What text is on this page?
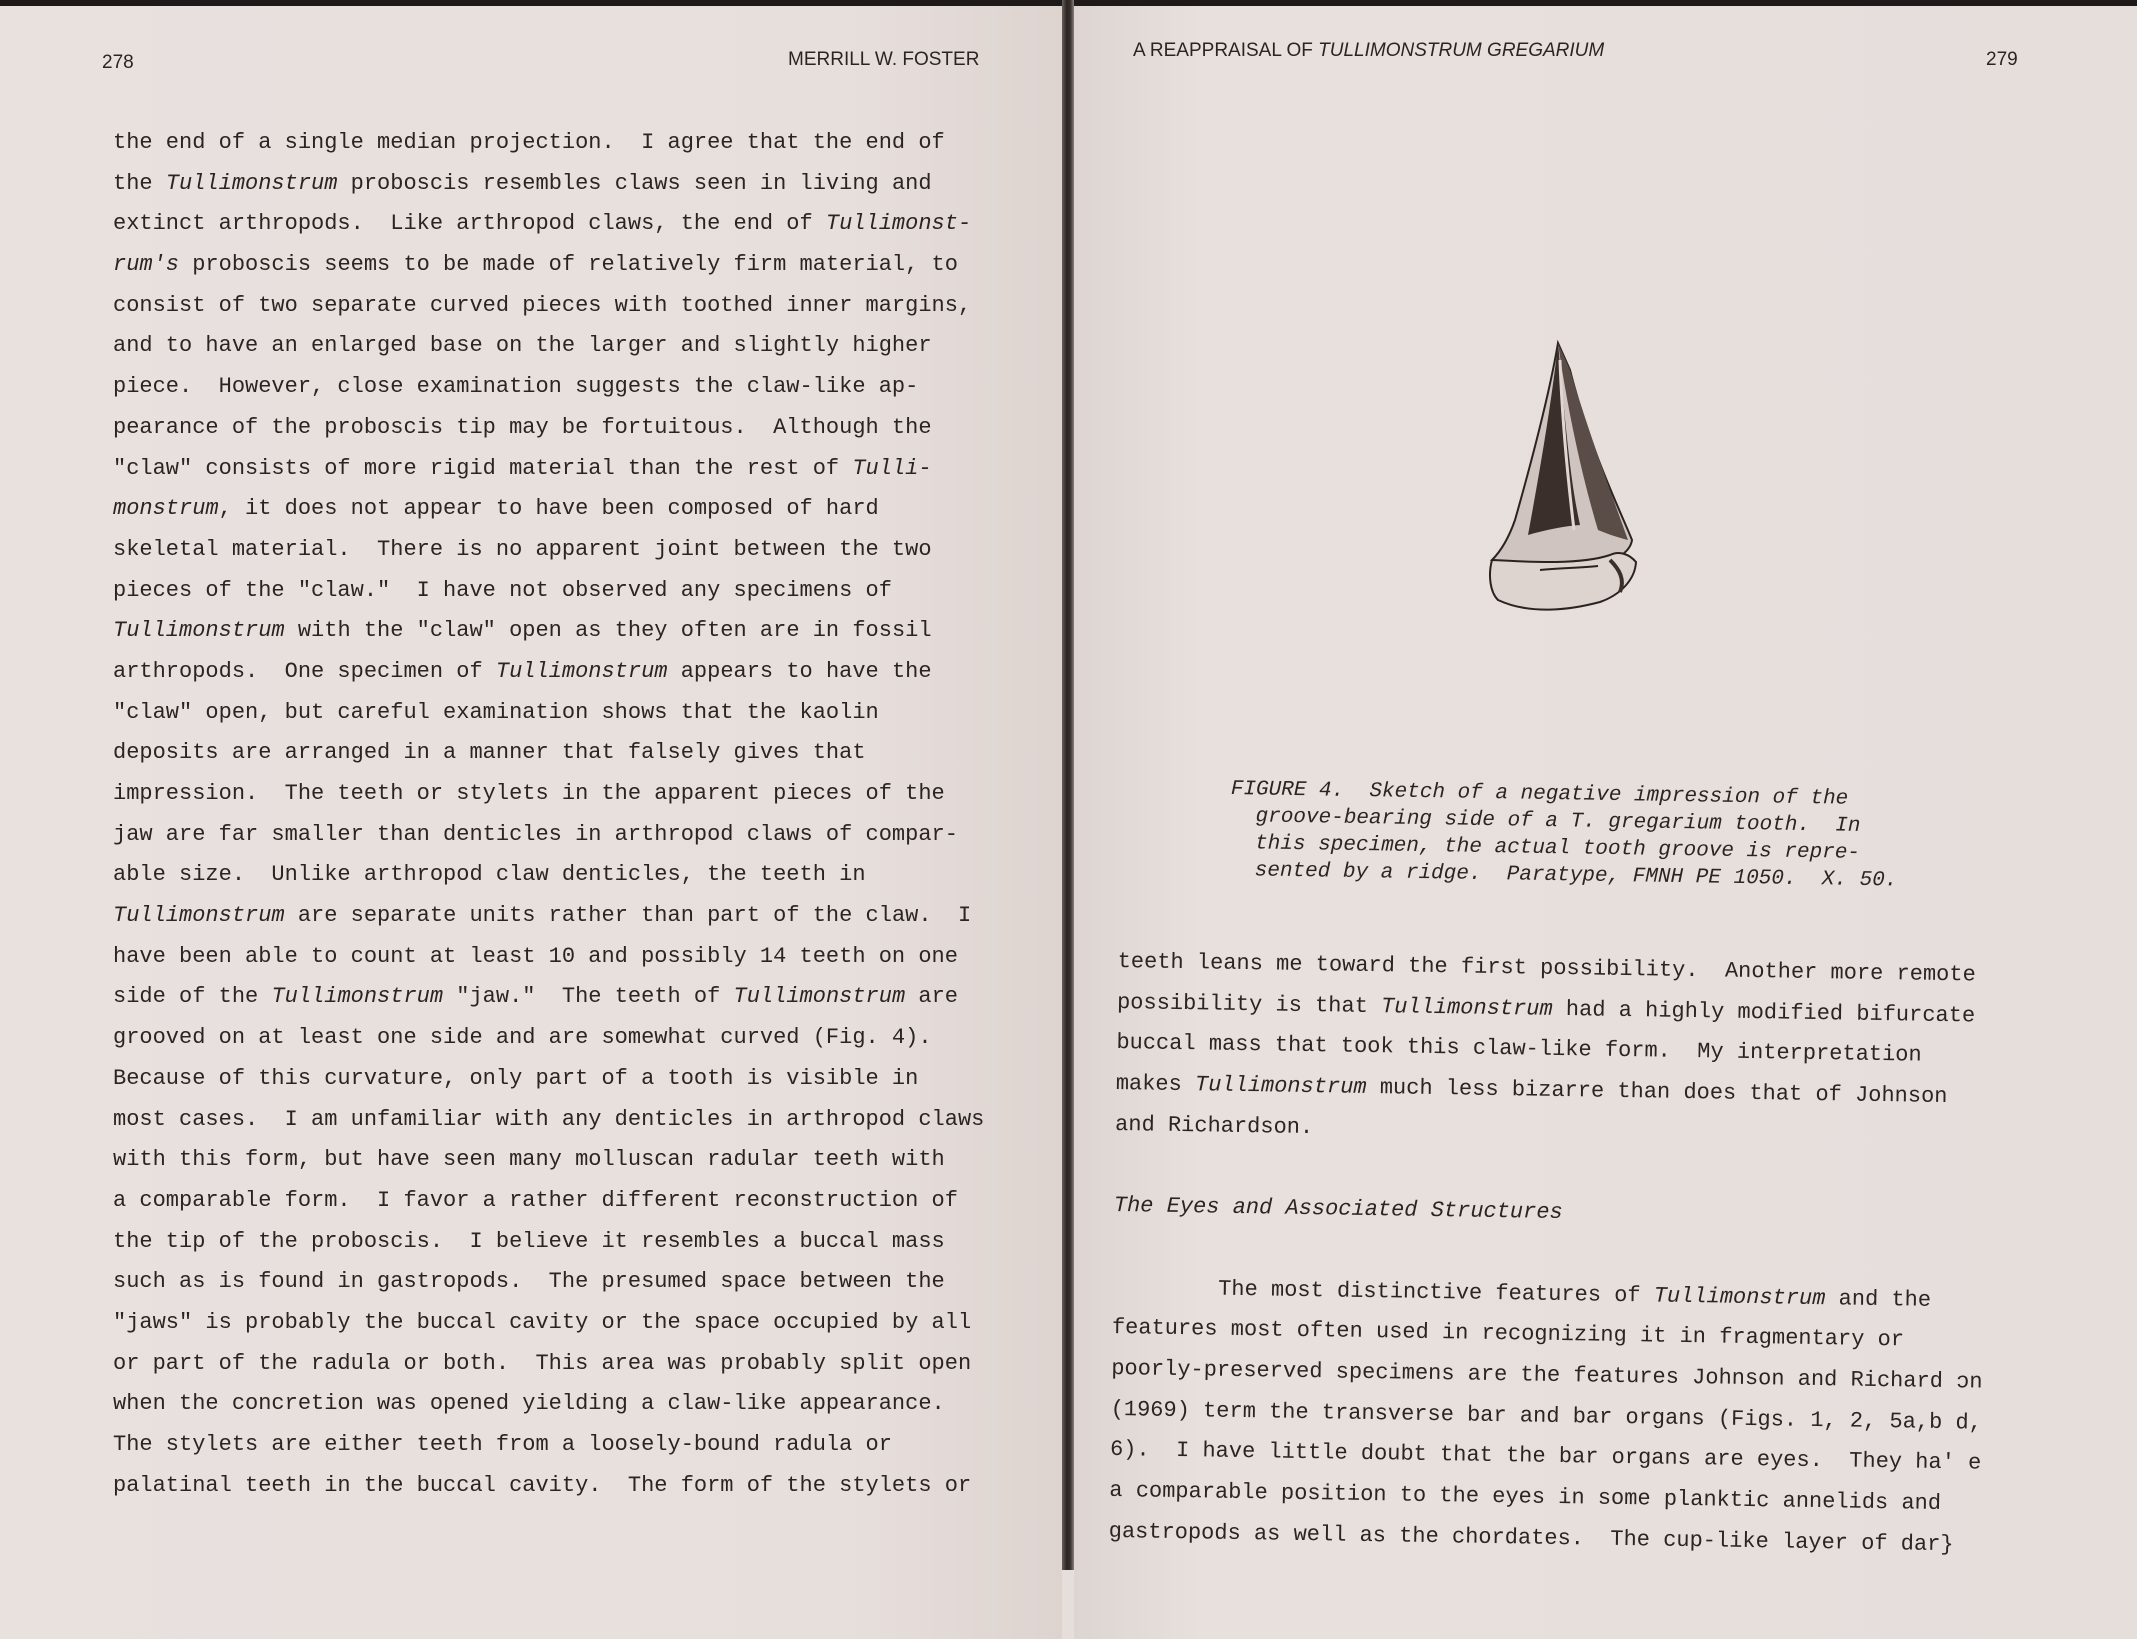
278	MERRILL W. FOSTER	A REAPPRAISAL OF TULLIMONSTRUM GREGARIUM	279
the end of a single median projection.  I agree that the end of
the Tullimonstrum proboscis resembles claws seen in living and
extinct arthropods.  Like arthropod claws, the end of Tullimonst-
rum's proboscis seems to be made of relatively firm material, to
consist of two separate curved pieces with toothed inner margins,
and to have an enlarged base on the larger and slightly higher
piece.  However, close examination suggests the claw-like ap-
pearance of the proboscis tip may be fortuitous.  Although the
"claw" consists of more rigid material than the rest of Tulli-
monstrum, it does not appear to have been composed of hard
skeletal material.  There is no apparent joint between the two
pieces of the "claw."  I have not observed any specimens of
Tullimonstrum with the "claw" open as they often are in fossil
arthropods.  One specimen of Tullimonstrum appears to have the
"claw" open, but careful examination shows that the kaolin
deposits are arranged in a manner that falsely gives that
impression.  The teeth or stylets in the apparent pieces of the
jaw are far smaller than denticles in arthropod claws of compar-
able size.  Unlike arthropod claw denticles, the teeth in
Tullimonstrum are separate units rather than part of the claw.  I
have been able to count at least 10 and possibly 14 teeth on one
side of the Tullimonstrum "jaw."  The teeth of Tullimonstrum are
grooved on at least one side and are somewhat curved (Fig. 4).
Because of this curvature, only part of a tooth is visible in
most cases.  I am unfamiliar with any denticles in arthropod claws
with this form, but have seen many molluscan radular teeth with
a comparable form.  I favor a rather different reconstruction of
the tip of the proboscis.  I believe it resembles a buccal mass
such as is found in gastropods.  The presumed space between the
"jaws" is probably the buccal cavity or the space occupied by all
or part of the radula or both.  This area was probably split open
when the concretion was opened yielding a claw-like appearance.
The stylets are either teeth from a loosely-bound radula or
palatinal teeth in the buccal cavity.  The form of the stylets or
FIGURE 4.  Sketch of a negative impression of the
groove-bearing side of a T. gregarium tooth.  In
this specimen, the actual tooth groove is repre-
sented by a ridge.  Paratype, FMNH PE 1050.  X. 50.
teeth leans me toward the first possibility.  Another more remote
possibility is that Tullimonstrum had a highly modified bifurcate
buccal mass that took this claw-like form.  My interpretation
makes Tullimonstrum much less bizarre than does that of Johnson
and Richardson.
The Eyes and Associated Structures
The most distinctive features of Tullimonstrum and the
features most often used in recognizing it in fragmentary or
poorly-preserved specimens are the features Johnson and Richard ɔn
(1969) term the transverse bar and bar organs (Figs. 1, 2, 5a,b d,
6).  I have little doubt that the bar organs are eyes.  They ha' e
a comparable position to the eyes in some planktic annelids and
gastropods as well as the chordates.  The cup-like layer of dar}
